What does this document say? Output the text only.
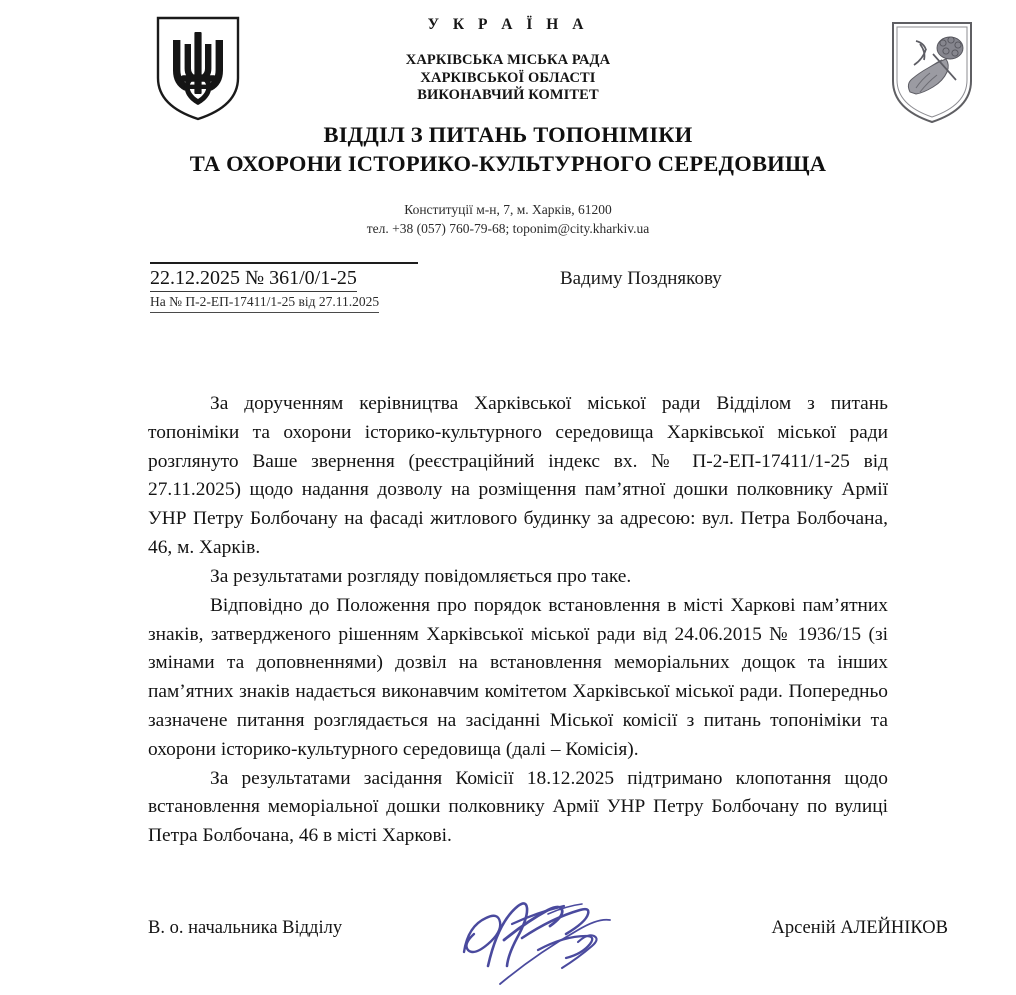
У К Р А Ї Н А
ХАРКІВСЬКА МІСЬКА РАДА
ХАРКІВСЬКОЇ ОБЛАСТІ
ВИКОНАВЧИЙ КОМІТЕТ
ВІДДІЛ З ПИТАНЬ ТОПОНІМІКИ
ТА ОХОРОНИ ІСТОРИКО-КУЛЬТУРНОГО СЕРЕДОВИЩА
Конституції м-н, 7, м. Харків, 61200
тел. +38 (057) 760-79-68; toponim@city.kharkiv.ua
22.12.2025 № 361/0/1-25 На № П-2-ЕП-17411/1-25 від 27.11.2025
Вадиму Позднякову

За дорученням керівництва Харківської міської ради Відділом з питань топоніміки та охорони історико-культурного середовища Харківської міської ради розглянуто Ваше звернення (реєстраційний індекс вх. № П-2-ЕП-17411/1-25 від 27.11.2025) щодо надання дозволу на розміщення пам’ятної дошки полковнику Армії УНР Петру Болбочану на фасаді житлового будинку за адресою: вул. Петра Болбочана, 46, м. Харків.

За результатами розгляду повідомляється про таке.

Відповідно до Положення про порядок встановлення в місті Харкові пам’ятних знаків, затвердженого рішенням Харківської міської ради від 24.06.2015 № 1936/15 (зі змінами та доповненнями) дозвіл на встановлення меморіальних дощок та інших пам’ятних знаків надається виконавчим комітетом Харківської міської ради. Попередньо зазначене питання розглядається на засіданні Міської комісії з питань топоніміки та охорони історико-культурного середовища (далі – Комісія).

За результатами засідання Комісії 18.12.2025 підтримано клопотання щодо встановлення меморіальної дошки полковнику Армії УНР Петру Болбочану по вулиці Петра Болбочана, 46 в місті Харкові.

В. о. начальника Відділу	Арсеній АЛЕЙНІКОВ
